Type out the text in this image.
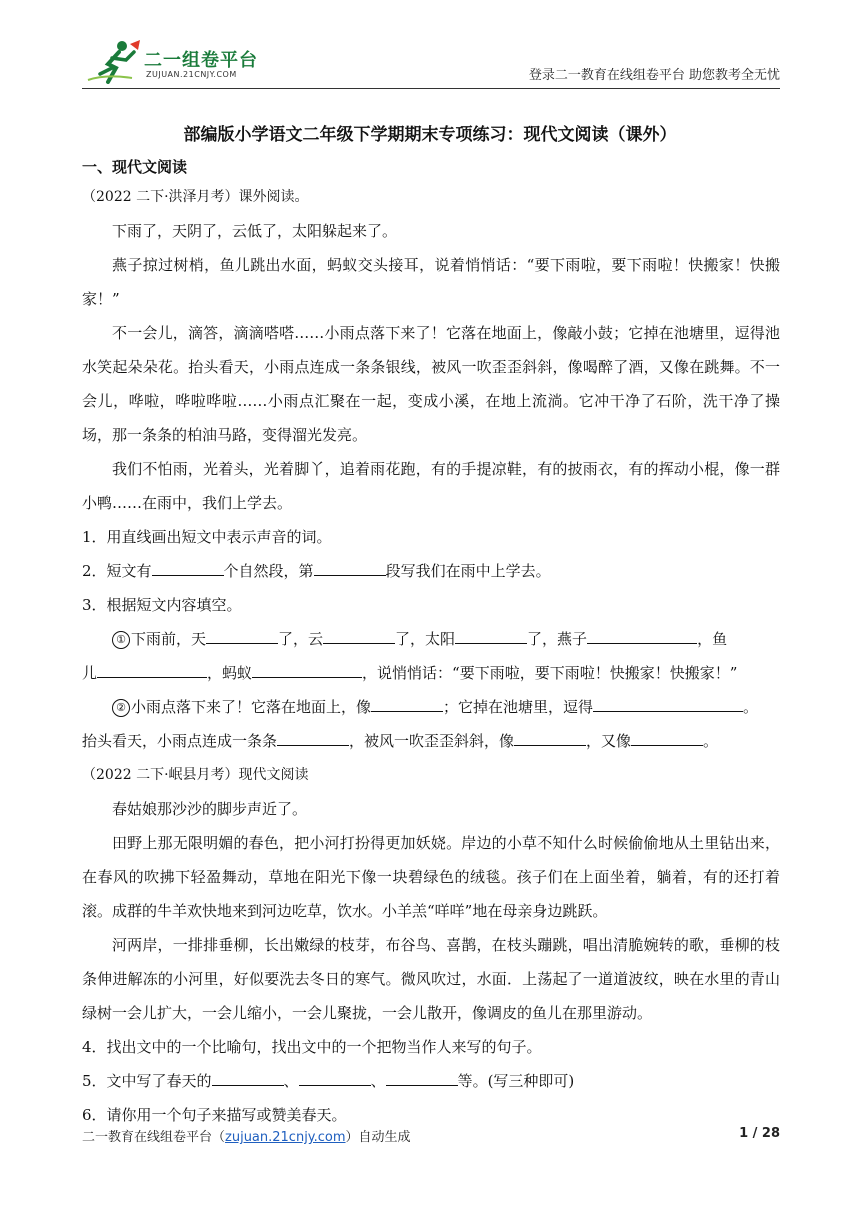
二一组卷平台
ZUJUAN.21CNJY.COM	登录二一教育在线组卷平台 助您教考全无忧
部编版小学语文二年级下学期期末专项练习：现代文阅读（课外）
一、现代文阅读
（2022 二下·洪泽月考）课外阅读。

下雨了，天阴了，云低了，太阳躲起来了。

燕子掠过树梢，鱼儿跳出水面，蚂蚁交头接耳，说着悄悄话：“要下雨啦，要下雨啦！快搬家！快搬家！”

不一会儿，滴答，滴滴嗒嗒……小雨点落下来了！它落在地面上，像敲小鼓；它掉在池塘里，逗得池水笑起朵朵花。抬头看天，小雨点连成一条条银线，被风一吹歪歪斜斜，像喝醉了酒，又像在跳舞。不一会儿，哗啦，哗啦哗啦……小雨点汇聚在一起，变成小溪，在地上流淌。它冲干净了石阶，洗干净了操场，那一条条的柏油马路，变得溜光发亮。

我们不怕雨，光着头，光着脚丫，追着雨花跑，有的手提凉鞋，有的披雨衣，有的挥动小棍，像一群小鸭……在雨中，我们上学去。

1．用直线画出短文中表示声音的词。
2．短文有	个自然段，第	段写我们在雨中上学去。
3．根据短文内容填空。
① 下雨前，天	了，云	了，太阳	了，燕子	，鱼
儿	，蚂蚁	，说悄悄话：“要下雨啦，要下雨啦！快搬家！快搬家！”
② 小雨点落下来了！它落在地面上，像	；它掉在池塘里，逗得	。
抬头看天，小雨点连成一条条	，被风一吹歪歪斜斜，像	，又像	。
（2022 二下·岷县月考）现代文阅读

春姑娘那沙沙的脚步声近了。

田野上那无限明媚的春色，把小河打扮得更加妖娆。岸边的小草不知什么时候偷偷地从土里钻出来，在春风的吹拂下轻盈舞动，草地在阳光下像一块碧绿色的绒毯。孩子们在上面坐着，躺着，有的还打着滚。成群的牛羊欢快地来到河边吃草，饮水。小羊羔“咩咩”地在母亲身边跳跃。

河两岸，一排排垂柳，长出嫩绿的枝芽，布谷鸟、喜鹊，在枝头蹦跳，唱出清脆婉转的歌，垂柳的枝条伸进解冻的小河里，好似要洗去冬日的寒气。微风吹过，水面．上荡起了一道道波纹，映在水里的青山绿树一会儿扩大，一会儿缩小，一会儿聚拢，一会儿散开，像调皮的鱼儿在那里游动。

4．找出文中的一个比喻句，找出文中的一个把物当作人来写的句子。
5．文中写了春天的	、	、	等。(写三种即可)
6．请你用一个句子来描写或赞美春天。
二一教育在线组卷平台（zujuan.21cnjy.com）自动生成	1 / 28
